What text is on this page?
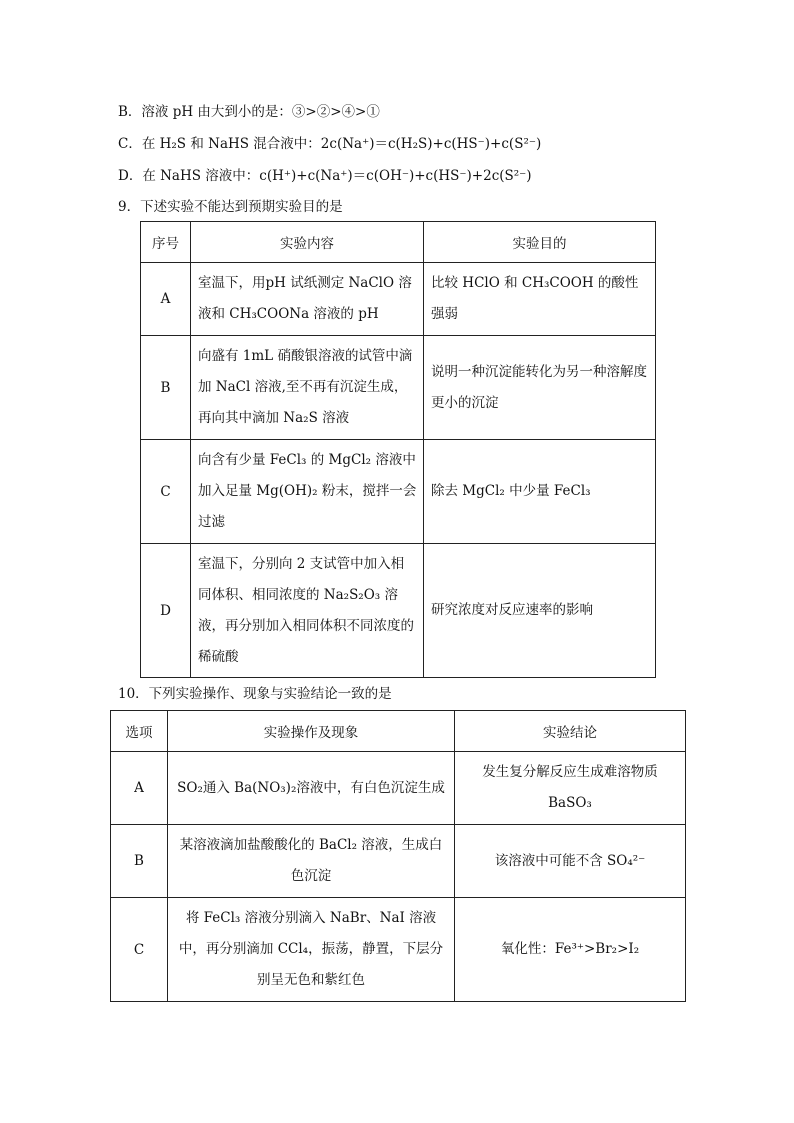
B．溶液 pH 由大到小的是：③>②>④>①
C．在 H₂S 和 NaHS 混合液中：2c(Na⁺)＝c(H₂S)+c(HS⁻)+c(S²⁻)
D．在 NaHS 溶液中：c(H⁺)+c(Na⁺)＝c(OH⁻)+c(HS⁻)+2c(S²⁻)
9．下述实验不能达到预期实验目的是
序号	实验内容	实验目的
A	室温下，用pH 试纸测定 NaClO 溶液和 CH₃COONa 溶液的 pH	比较 HClO 和 CH₃COOH 的酸性强弱
B	向盛有 1mL 硝酸银溶液的试管中滴加 NaCl 溶液,至不再有沉淀生成，再向其中滴加 Na₂S 溶液	说明一种沉淀能转化为另一种溶解度更小的沉淀
C	向含有少量 FeCl₃ 的 MgCl₂ 溶液中加入足量 Mg(OH)₂ 粉末，搅拌一会过滤	除去 MgCl₂ 中少量 FeCl₃
D	室温下，分别向 2 支试管中加入相同体积、相同浓度的 Na₂S₂O₃ 溶液，再分别加入相同体积不同浓度的稀硫酸	研究浓度对反应速率的影响
10．下列实验操作、现象与实验结论一致的是
选项	实验操作及现象	实验结论
A	SO₂通入 Ba(NO₃)₂溶液中，有白色沉淀生成	发生复分解反应生成难溶物质 BaSO₃
B	某溶液滴加盐酸酸化的 BaCl₂ 溶液，生成白色沉淀	该溶液中可能不含 SO₄²⁻
C	将 FeCl₃ 溶液分别滴入 NaBr、NaI 溶液中，再分别滴加 CCl₄，振荡，静置，下层分别呈无色和紫红色	氧化性：Fe³⁺>Br₂>I₂
